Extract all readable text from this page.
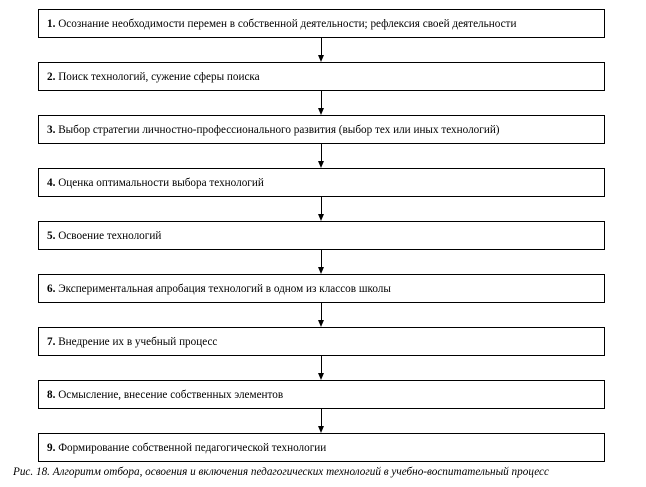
1. Осознание необходимости перемен в собственной деятельности; рефлексия своей деятельности
2. Поиск технологий, сужение сферы поиска
3. Выбор стратегии личностно-профессионального развития (выбор тех или иных технологий)
4. Оценка оптимальности выбора технологий
5. Освоение технологий
6. Экспериментальная апробация технологий в одном из классов школы
7. Внедрение их в учебный процесс
8. Осмысление, внесение собственных элементов
9. Формирование собственной педагогической технологии
Рис. 18. Алгоритм отбора, освоения и включения педагогических технологий в учебно-воспитательный процесс
